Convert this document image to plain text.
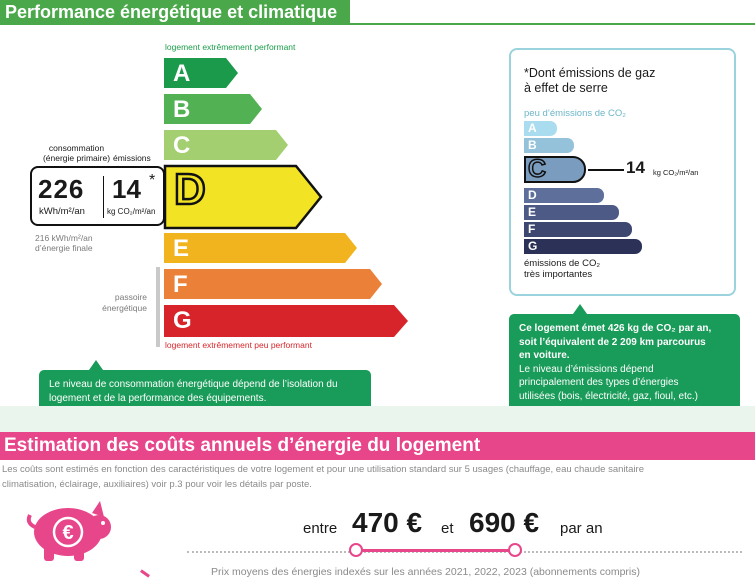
Performance énergétique et climatique
logement extrêmement performant
A
B
C
E
F
G
D
consommation
(énergie primaire) émissions
226
kWh/m²/an
14 *
kg CO₂/m²/an
216 kWh/m²/an
d’énergie finale
passoire
énergétique
logement extrêmement peu performant
Le niveau de consommation énergétique dépend de l’isolation du
logement et de la performance des équipements.
*Dont émissions de gaz
à effet de serre
peu d’émissions de CO₂
A
B
C	14 kg CO₂/m²/an
D
E
F
G
émissions de CO₂
très importantes
Ce logement émet 426 kg de CO₂ par an,
soit l’équivalent de 2 209 km parcourus
en voiture.
Le niveau d’émissions dépend
principalement des types d’énergies
utilisées (bois, électricité, gaz, fioul, etc.)
Estimation des coûts annuels d’énergie du logement
Les coûts sont estimés en fonction des caractéristiques de votre logement et pour une utilisation standard sur 5 usages (chauffage, eau chaude sanitaire
climatisation, éclairage, auxiliaires) voir p.3 pour voir les détails par poste.
€	entre 470 € et 690 € par an
Prix moyens des énergies indexés sur les années 2021, 2022, 2023 (abonnements compris)
